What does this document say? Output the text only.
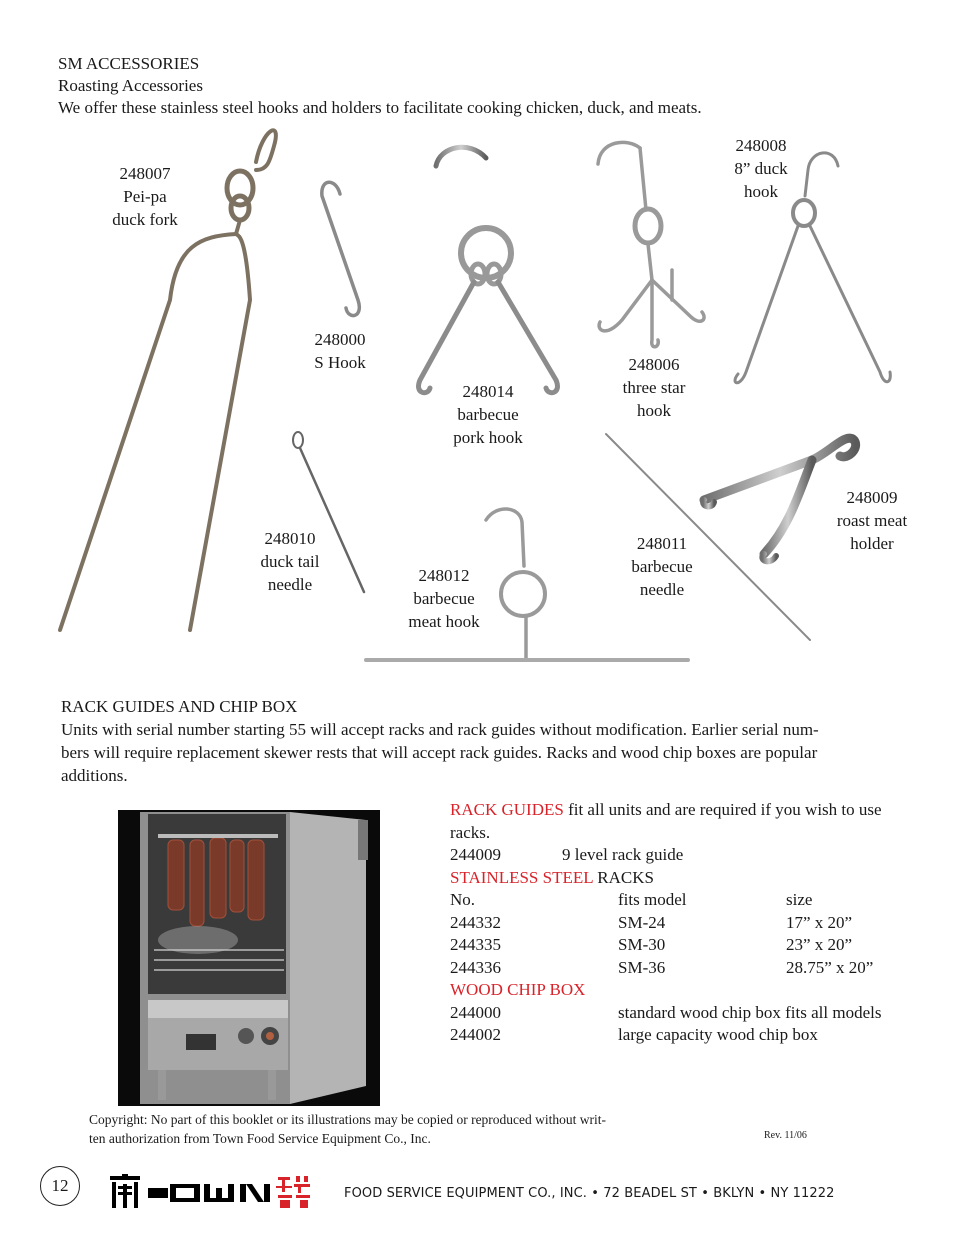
SM ACCESSORIES
Roasting Accessories
We offer these stainless steel hooks and holders to facilitate cooking chicken, duck, and meats.
248007
Pei-pa
duck fork
248000
S Hook
248014
barbecue
pork hook
248006
three star
hook
248008
8” duck
hook
248010
duck tail
needle	248012
barbecue
meat hook
248011
barbecue
needle
248009
roast meat
holder
RACK GUIDES AND CHIP BOX
Units with serial number starting 55 will accept racks and rack guides without modification. Earlier serial num-
bers will require replacement skewer rests that will accept rack guides. Racks and wood chip boxes are popular
additions.
RACK GUIDES fit all units and are required if you wish to use
racks.
244009	9 level rack guide
STAINLESS STEEL RACKS
No.	fits model	size
244332	SM-24	17” x 20”
244335	SM-30	23” x 20”
244336	SM-36	28.75” x 20”
WOOD CHIP BOX
244000	standard wood chip box fits all models
244002	large capacity wood chip box
Copyright: No part of this booklet or its illustrations may be copied or reproduced without writ-
ten authorization from Town Food Service Equipment Co., Inc.	Rev. 11/06
12	FOOD SERVICE EQUIPMENT CO., INC. • 72 BEADEL ST • BKLYN • NY 11222
